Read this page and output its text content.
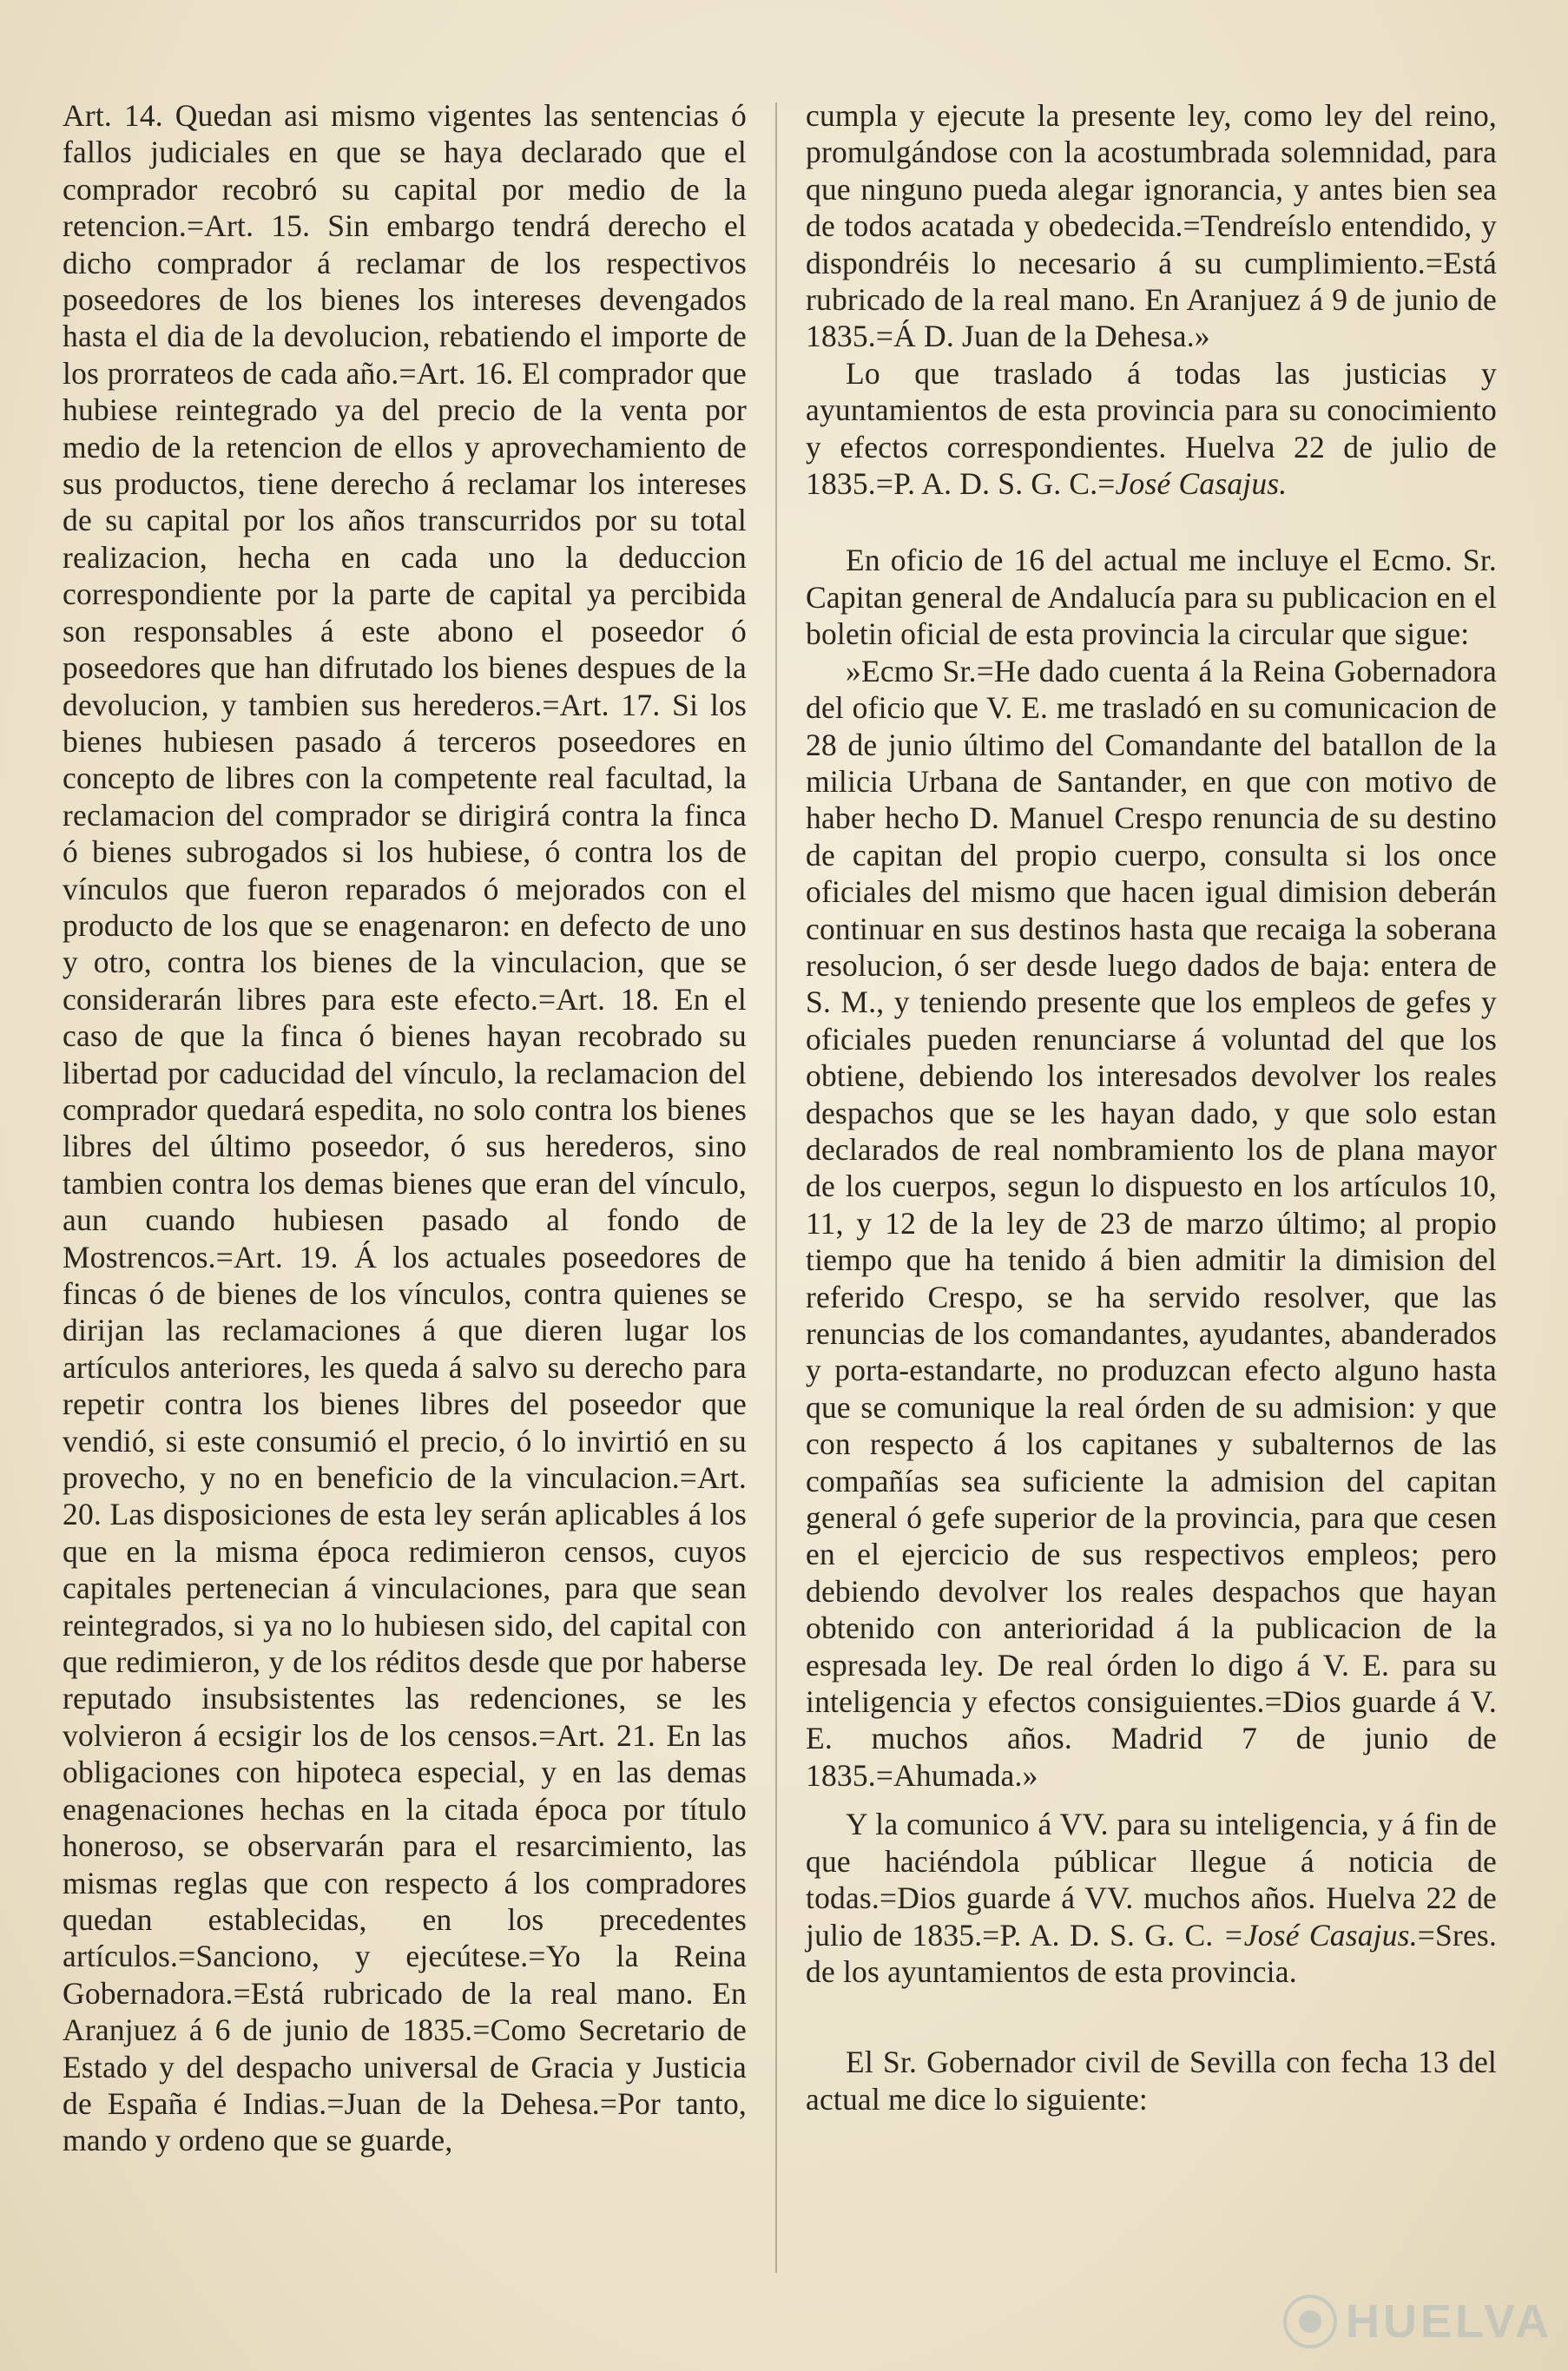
Art. 14. Quedan asi mismo vigentes las sentencias ó fallos judiciales en que se haya declarado que el comprador recobró su capital por medio de la retencion.=Art. 15. Sin embargo tendrá derecho el dicho comprador á reclamar de los respectivos poseedores de los bienes los intereses devengados hasta el dia de la devolucion, rebatiendo el importe de los prorrateos de cada año.=Art. 16. El comprador que hubiese reintegrado ya del precio de la venta por medio de la retencion de ellos y aprovechamiento de sus productos, tiene derecho á reclamar los intereses de su capital por los años transcurridos por su total realizacion, hecha en cada uno la deduccion correspondiente por la parte de capital ya percibida son responsables á este abono el poseedor ó poseedores que han difrutado los bienes despues de la devolucion, y tambien sus herederos.=Art. 17. Si los bienes hubiesen pasado á terceros poseedores en concepto de libres con la competente real facultad, la reclamacion del comprador se dirigirá contra la finca ó bienes subrogados si los hubiese, ó contra los de vínculos que fueron reparados ó mejorados con el producto de los que se enagenaron: en defecto de uno y otro, contra los bienes de la vinculacion, que se considerarán libres para este efecto.=Art. 18. En el caso de que la finca ó bienes hayan recobrado su libertad por caducidad del vínculo, la reclamacion del comprador quedará espedita, no solo contra los bienes libres del último poseedor, ó sus herederos, sino tambien contra los demas bienes que eran del vínculo, aun cuando hubiesen pasado al fondo de Mostrencos.=Art. 19. Á los actuales poseedores de fincas ó de bienes de los vínculos, contra quienes se dirijan las reclamaciones á que dieren lugar los artículos anteriores, les queda á salvo su derecho para repetir contra los bienes libres del poseedor que vendió, si este consumió el precio, ó lo invirtió en su provecho, y no en beneficio de la vinculacion.=Art. 20. Las disposiciones de esta ley serán aplicables á los que en la misma época redimieron censos, cuyos capitales pertenecian á vinculaciones, para que sean reintegrados, si ya no lo hubiesen sido, del capital con que redimieron, y de los réditos desde que por haberse reputado insubsistentes las redenciones, se les volvieron á ecsigir los de los censos.=Art. 21. En las obligaciones con hipoteca especial, y en las demas enagenaciones hechas en la citada época por título honeroso, se observarán para el resarcimiento, las mismas reglas que con respecto á los compradores quedan establecidas, en los precedentes artículos.=Sanciono, y ejecútese.=Yo la Reina Gobernadora.=Está rubricado de la real mano. En Aranjuez á 6 de junio de 1835.=Como Secretario de Estado y del despacho universal de Gracia y Justicia de España é Indias.=Juan de la Dehesa.=Por tanto, mando y ordeno que se guarde,

cumpla y ejecute la presente ley, como ley del reino, promulgándose con la acostumbrada solemnidad, para que ninguno pueda alegar ignorancia, y antes bien sea de todos acatada y obedecida.=Tendreíslo entendido, y dispondréis lo necesario á su cumplimiento.=Está rubricado de la real mano. En Aranjuez á 9 de junio de 1835.=Á D. Juan de la Dehesa.»

Lo que traslado á todas las justicias y ayuntamientos de esta provincia para su conocimiento y efectos correspondientes. Huelva 22 de julio de 1835.=P. A. D. S. G. C.=José Casajus.

En oficio de 16 del actual me incluye el Ecmo. Sr. Capitan general de Andalucía para su publicacion en el boletin oficial de esta provincia la circular que sigue:

»Ecmo Sr.=He dado cuenta á la Reina Gobernadora del oficio que V. E. me trasladó en su comunicacion de 28 de junio último del Comandante del batallon de la milicia Urbana de Santander, en que con motivo de haber hecho D. Manuel Crespo renuncia de su destino de capitan del propio cuerpo, consulta si los once oficiales del mismo que hacen igual dimision deberán continuar en sus destinos hasta que recaiga la soberana resolucion, ó ser desde luego dados de baja: entera de S. M., y teniendo presente que los empleos de gefes y oficiales pueden renunciarse á voluntad del que los obtiene, debiendo los interesados devolver los reales despachos que se les hayan dado, y que solo estan declarados de real nombramiento los de plana mayor de los cuerpos, segun lo dispuesto en los artículos 10, 11, y 12 de la ley de 23 de marzo último; al propio tiempo que ha tenido á bien admitir la dimision del referido Crespo, se ha servido resolver, que las renuncias de los comandantes, ayudantes, abanderados y porta-estandarte, no produzcan efecto alguno hasta que se comunique la real órden de su admision: y que con respecto á los capitanes y subalternos de las compañías sea suficiente la admision del capitan general ó gefe superior de la provincia, para que cesen en el ejercicio de sus respectivos empleos; pero debiendo devolver los reales despachos que hayan obtenido con anterioridad á la publicacion de la espresada ley. De real órden lo digo á V. E. para su inteligencia y efectos consiguientes.=Dios guarde á V. E. muchos años. Madrid 7 de junio de 1835.=Ahumada.»

Y la comunico á VV. para su inteligencia, y á fin de que haciéndola públicar llegue á noticia de todas.=Dios guarde á VV. muchos años. Huelva 22 de julio de 1835.=P. A. D. S. G. C. =José Casajus.=Sres. de los ayuntamientos de esta provincia.

El Sr. Gobernador civil de Sevilla con fecha 13 del actual me dice lo siguiente:

HUELVA
